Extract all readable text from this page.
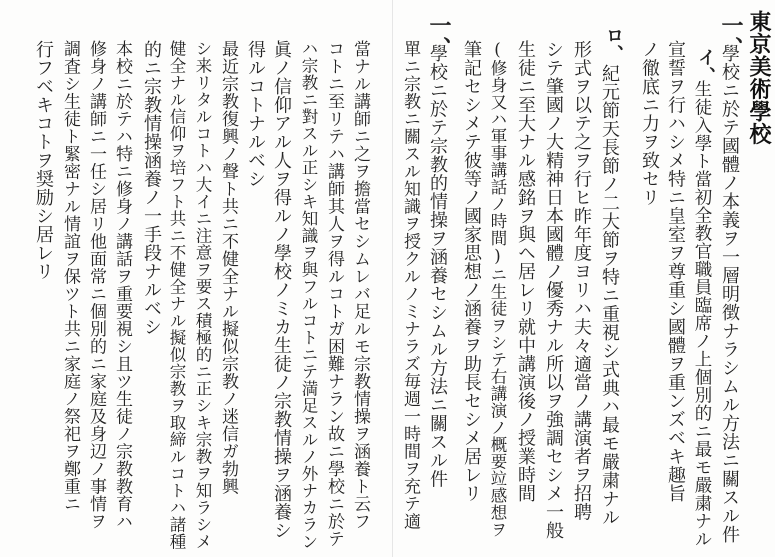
東京美術學校
一、
學校ニ於テ國體ノ本義ヲ一層明徴ナラシムル方法ニ關スル件
イ、
生徒入學ト當初全教官職員臨席ノ上個別的ニ最モ嚴粛ナル
宣誓ヲ行ハシメ特ニ皇室ヲ尊重シ國體ヲ重ンズベキ趣旨
ノ徹底ニ力ヲ致セリ
ロ、
紀元節天長節ノ二大節ヲ特ニ重視シ式典ハ最モ嚴粛ナル
形式ヲ以テ之ヲ行ヒ昨年度ヨリハ夫々適當ノ講演者ヲ招聘
シテ肇國ノ大精神日本國體ノ優秀ナル所以ヲ強調セシメ一般
生徒ニ至大ナル感銘ヲ與ヘ居レリ就中講演後ノ授業時間
(修身又ハ軍事講話ノ時間)ニ生徒ヲシテ右講演ノ概要竝感想ヲ
筆記セシメテ彼等ノ國家思想ノ涵養ヲ助長セシメ居レリ
一、
學校ニ於テ宗教的情操ヲ涵養セシムル方法ニ關スル件
單ニ宗教ニ關スル知識ヲ授クルノミナラズ毎週一時間ヲ充テ適
當ナル講師ニ之ヲ擔當セシムレバ足ルモ宗教情操ヲ涵養ト云フ
コトニ至リテハ講師其人ヲ得ルコトガ困難ナラン故ニ學校ニ於テ
ハ宗教ニ對スル正シキ知識ヲ與フルコトニテ満足スルノ外ナカラン
眞ノ信仰アル人ヲ得ルノ學校ノミカ生徒ノ宗教情操ヲ涵養シ
得ルコトナルベシ
最近宗教復興ノ聲ト共ニ不健全ナル擬似宗教ノ迷信ガ勃興
シ来リタルコトハ大イニ注意ヲ要ス積極的ニ正シキ宗教ヲ知ラシメ
健全ナル信仰ヲ培フト共ニ不健全ナル擬似宗教ヲ取締ルコトハ諸種
的ニ宗教情操涵養ノ一手段ナルベシ
本校ニ於テハ特ニ修身ノ講話ヲ重要視シ且ツ生徒ノ宗教教育ハ
修身ノ講師ニ一任シ居リ他面常ニ個別的ニ家庭及身辺ノ事情ヲ
調査シ生徒ト緊密ナル情誼ヲ保ツト共ニ家庭ノ祭祀ヲ鄭重ニ
行フベキコトヲ奨励シ居レリ
